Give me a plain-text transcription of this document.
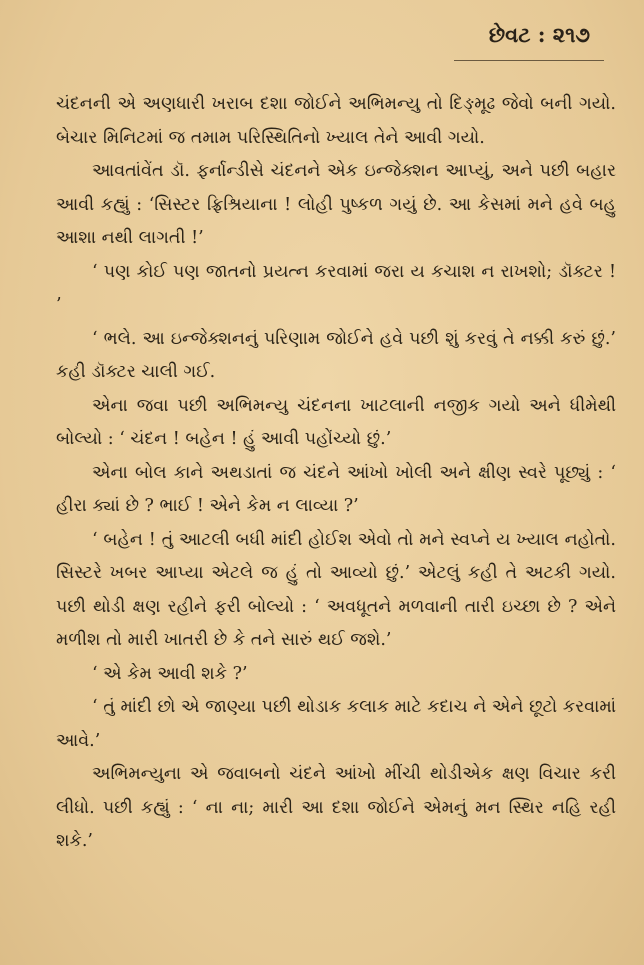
છેવટ : ૨૧૭

ચંદનની એ અણધારી ખરાબ દશા જોઈને અભિમન્યુ તો દિઙ્મૂઢ જેવો બની ગયો. બેચાર મિનિટમાં જ તમામ પરિસ્થિતિનો ખ્યાલ તેને આવી ગયો.

આવતાંવેંત ડૉ. ફર્નાન્ડીસે ચંદનને એક ઇન્જેક્શન આપ્યું, અને પછી બહાર આવી કહ્યું : ‘સિસ્ટર ફ્રિશ્રિયાના ! લોહી પુષ્કળ ગયું છે. આ કેસમાં મને હવે બહુ આશા નથી લાગતી !’

‘ પણ કોઈ પણ જાતનો પ્રયત્ન કરવામાં જરા ય કચાશ ન રાખશો; ડૉક્ટર ! ’

‘ ભલે. આ ઇન્જેક્શનનું પરિણામ જોઈને હવે પછી શું કરવું તે નક્કી કરું છું.’ કહી ડૉક્ટર ચાલી ગઈ.

એના જવા પછી અભિમન્યુ ચંદનના ખાટલાની નજીક ગયો અને ધીમેથી બોલ્યો : ‘ ચંદન ! બહેન ! હું આવી પહોંચ્યો છું.’

એના બોલ કાને અથડાતાં જ ચંદને આંખો ખોલી અને ક્ષીણ સ્વરે પૂછ્યું : ‘ હીરા ક્યાં છે ? ભાઈ ! એને કેમ ન લાવ્યા ?’

‘ બહેન ! તું આટલી બધી માંદી હોઈશ એવો તો મને સ્વપ્ને ય ખ્યાલ નહોતો. સિસ્ટરે ખબર આપ્યા એટલે જ હું તો આવ્યો છું.’ એટલું કહી તે અટકી ગયો. પછી થોડી ક્ષણ રહીને ફરી બોલ્યો : ‘ અવધૂતને મળવાની તારી ઇચ્છા છે ? એને મળીશ તો મારી ખાતરી છે કે તને સારું થઈ જશે.’

‘ એ કેમ આવી શકે ?’

‘ તું માંદી છો એ જાણ્યા પછી થોડાક કલાક માટે કદાચ ને એને છૂટો કરવામાં આવે.’

અભિમન્યુના એ જવાબનો ચંદને આંખો મીંચી થોડીએક ક્ષણ વિચાર કરી લીધો. પછી કહ્યું : ‘ ના ના; મારી આ દશા જોઈને એમનું મન સ્થિર નહિ રહી શકે.’
